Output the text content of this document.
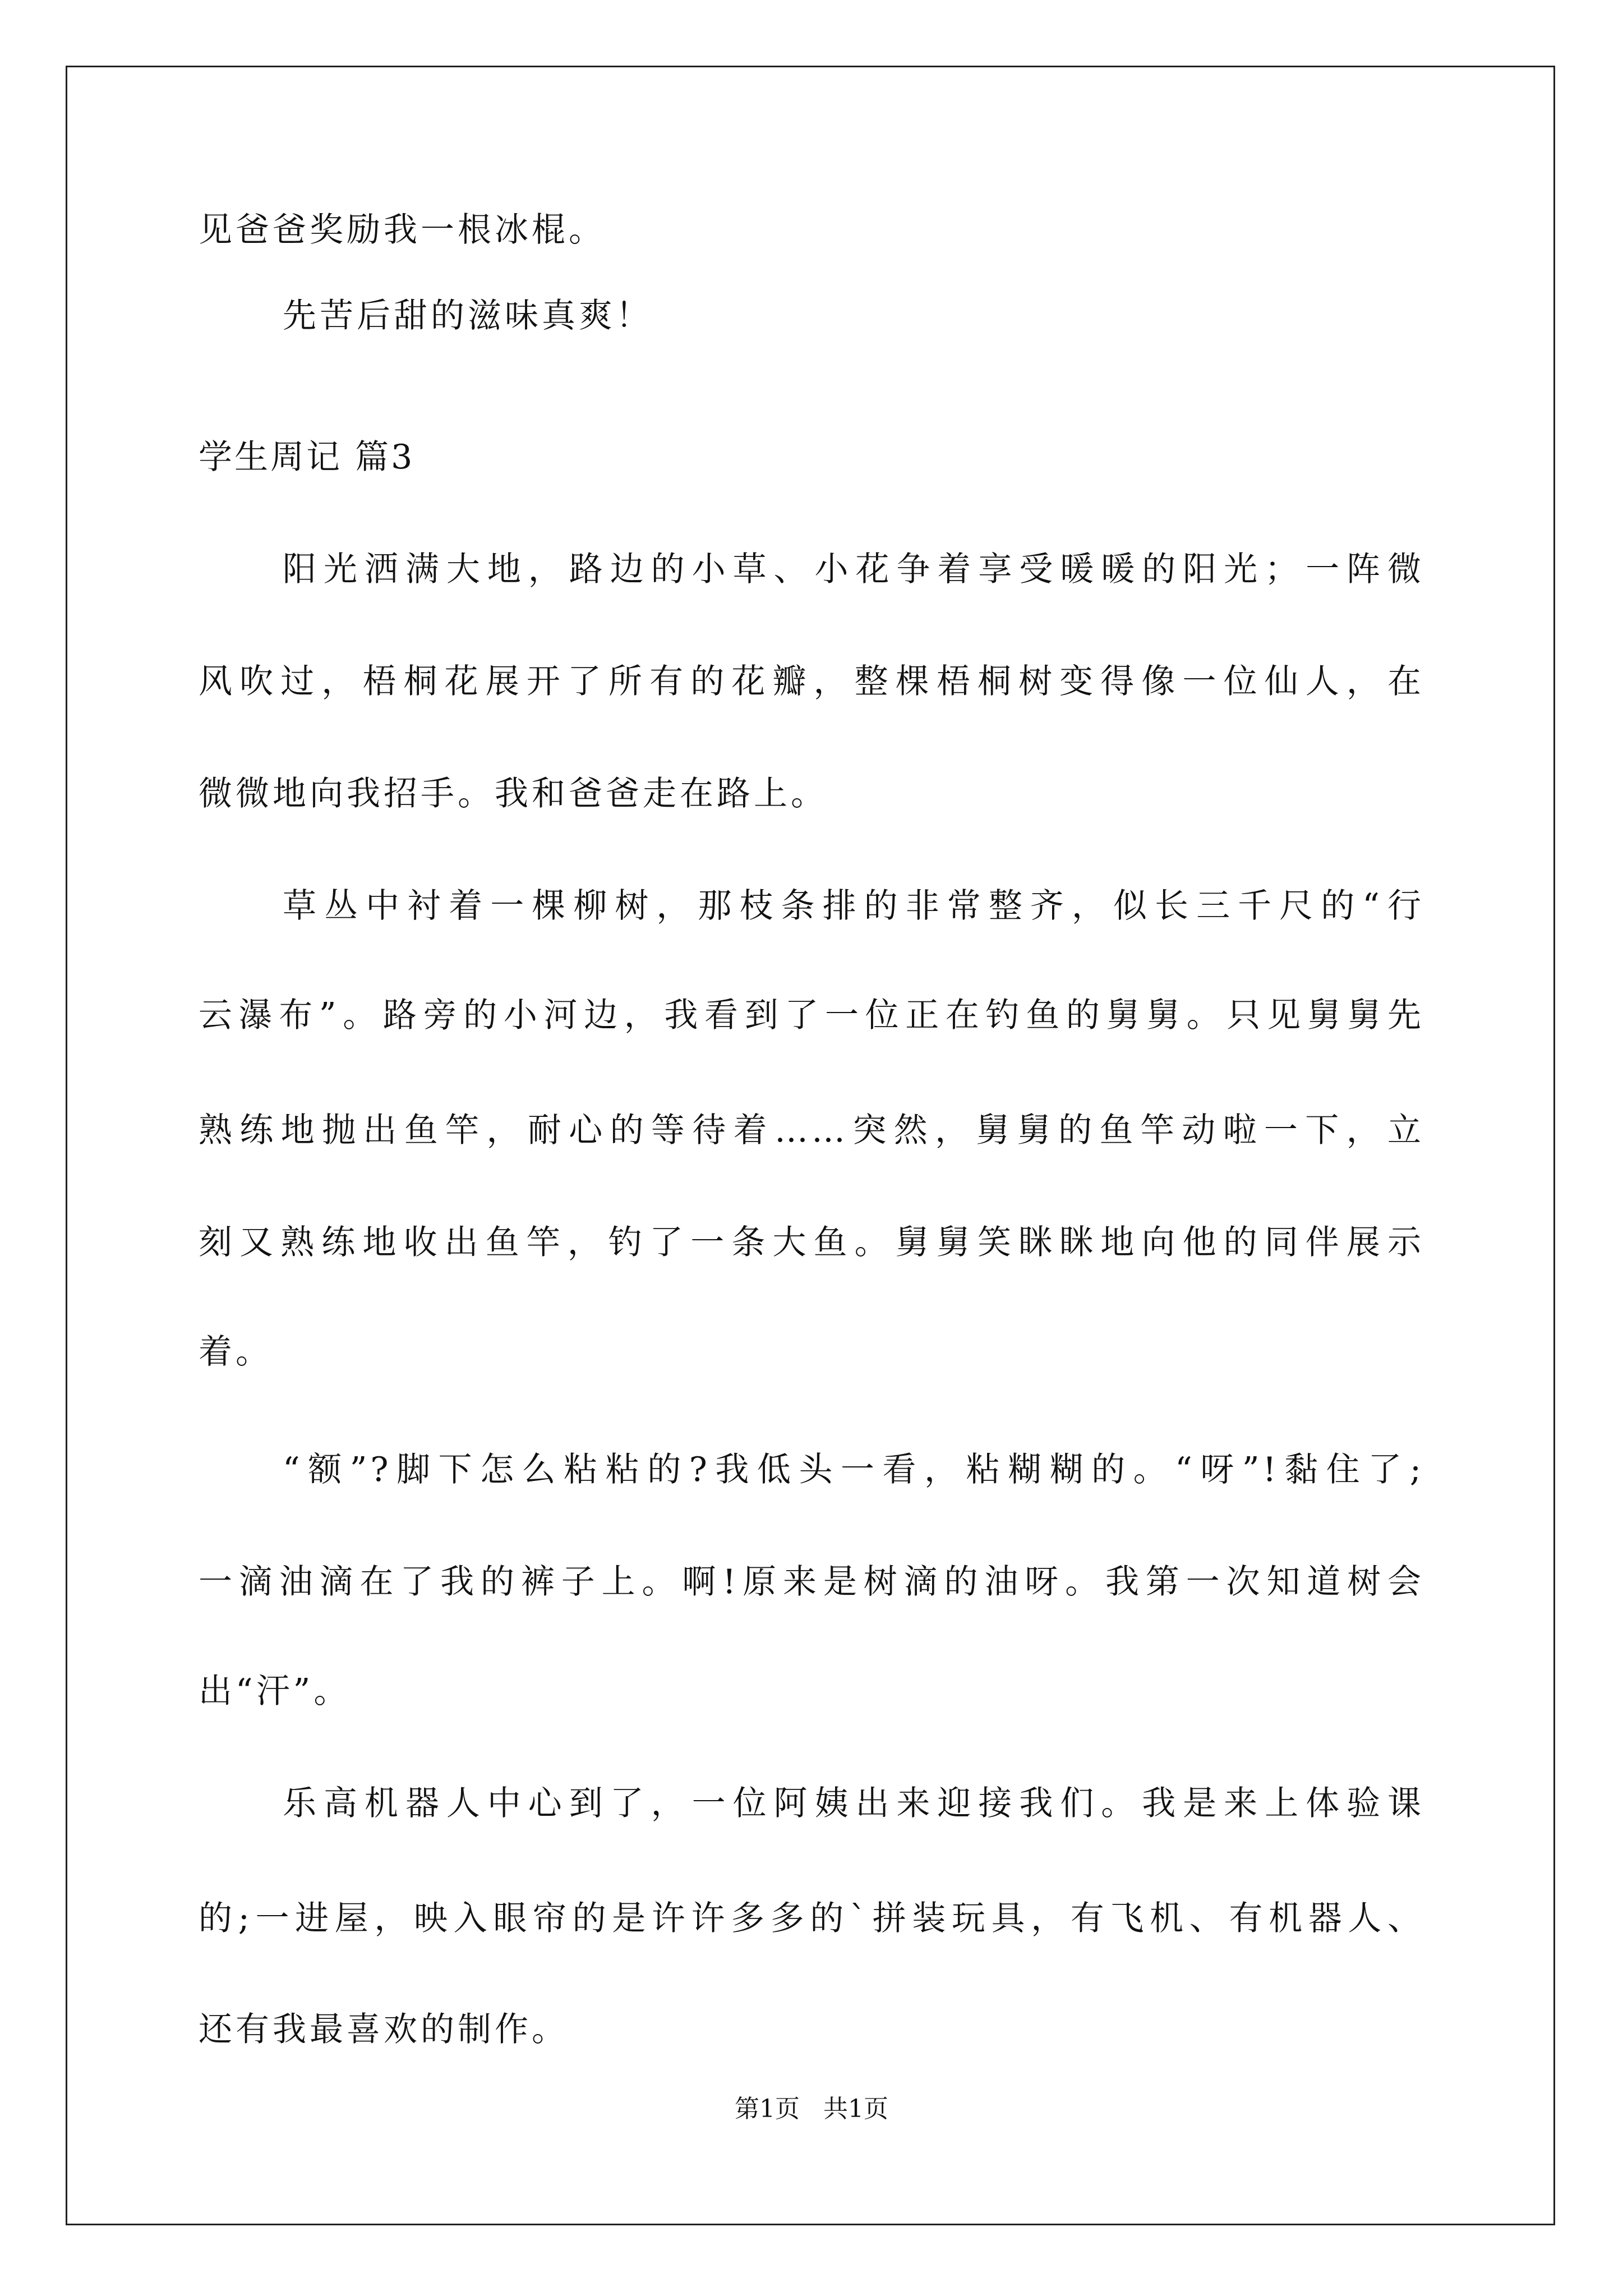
见爸爸奖励我一根冰棍。
先苦后甜的滋味真爽！
学生周记 篇3
阳光洒满大地，路边的小草、小花争着享受暖暖的阳光；一阵微
风吹过，梧桐花展开了所有的花瓣，整棵梧桐树变得像一位仙人，在
微微地向我招手。我和爸爸走在路上。
草丛中衬着一棵柳树，那枝条排的非常整齐，似长三千尺的“行
云瀑布”。路旁的小河边，我看到了一位正在钓鱼的舅舅。只见舅舅先
熟练地抛出鱼竿，耐心的等待着……突然，舅舅的鱼竿动啦一下，立
刻又熟练地收出鱼竿，钓了一条大鱼。舅舅笑眯眯地向他的同伴展示
着。
“额”?脚下怎么粘粘的?我低头一看，粘糊糊的。“呀”!黏住了;
一滴油滴在了我的裤子上。啊!原来是树滴的油呀。我第一次知道树会
出“汗”。
乐高机器人中心到了，一位阿姨出来迎接我们。我是来上体验课
的;一进屋，映入眼帘的是许许多多的`拼装玩具，有飞机、有机器人、
还有我最喜欢的制作。
第1页   共1页
